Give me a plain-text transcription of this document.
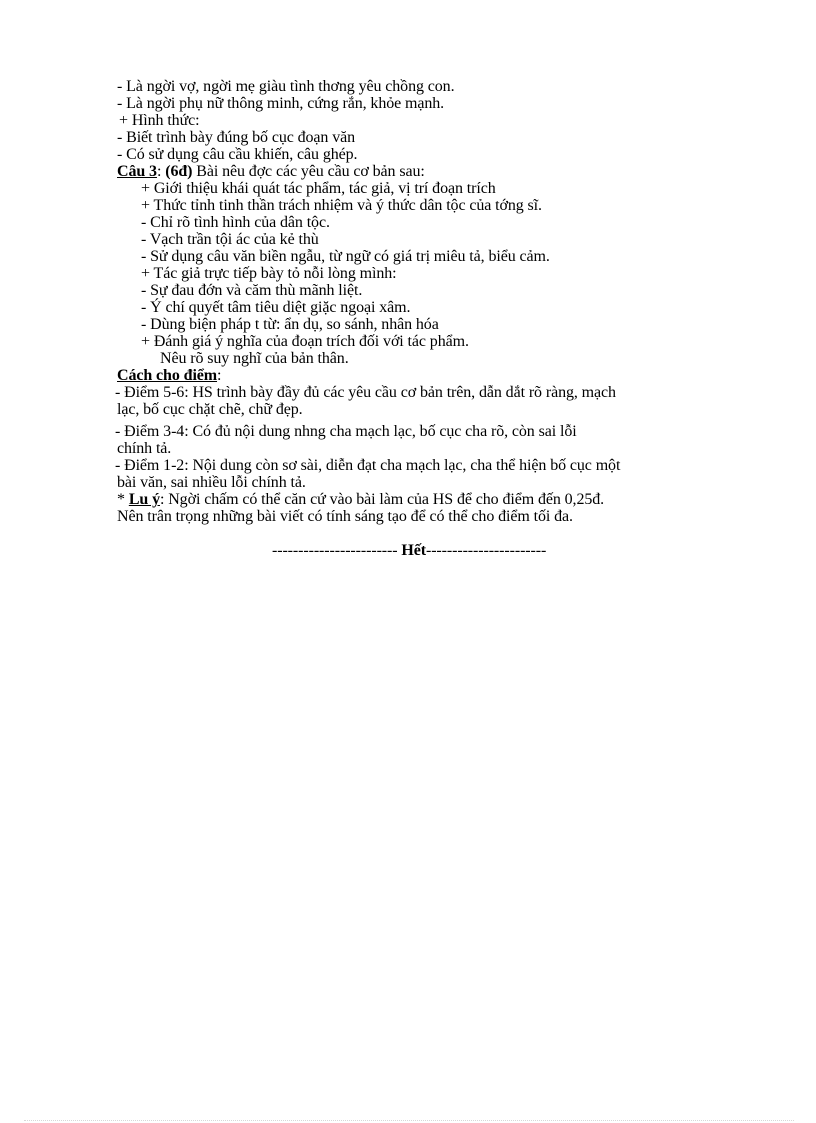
- Là ngời vợ, ngời mẹ giàu tình thơng yêu chồng con.
- Là ngời phụ nữ thông minh, cứng rắn, khỏe mạnh.
+ Hình thức:
- Biết trình bày đúng bố cục đoạn văn
- Có sử dụng câu cầu khiến, câu ghép.
Câu 3: (6đ) Bài nêu đợc các yêu cầu cơ bản sau:
+ Giới thiệu khái quát tác phẩm, tác giả, vị trí đoạn trích
+ Thức tỉnh tinh thần trách nhiệm và ý thức dân tộc của tớng sĩ.
- Chỉ rõ tình hình của dân tộc.
- Vạch trần tội ác của kẻ thù
- Sử dụng câu văn biền ngẫu, từ ngữ có giá trị miêu tả, biểu cảm.
+ Tác giả trực tiếp bày tỏ nỗi lòng mình:
- Sự đau đớn và căm thù mãnh liệt.
- Ý chí quyết tâm tiêu diệt giặc ngoại xâm.
- Dùng biện pháp t từ: ẩn dụ, so sánh, nhân hóa
+ Đánh giá ý nghĩa của đoạn trích đối với tác phẩm.
Nêu rõ suy nghĩ của bản thân.
Cách cho điểm:
- Điểm 5-6: HS trình bày đầy đủ các yêu cầu cơ bản trên, dẫn dắt rõ ràng, mạch
lạc, bố cục chặt chẽ, chữ đẹp.
- Điểm 3-4: Có đủ nội dung nhng cha mạch lạc, bố cục cha rõ, còn sai lỗi
chính tả.
- Điểm 1-2: Nội dung còn sơ sài, diễn đạt cha mạch lạc, cha thể hiện bố cục một
bài văn, sai nhiều lỗi chính tả.
* Lu ý: Ngời chấm có thể căn cứ vào bài làm của HS để cho điểm đến 0,25đ.
Nên trân trọng những bài viết có tính sáng tạo để có thể cho điểm tối đa.
------------------------ Hết-----------------------
